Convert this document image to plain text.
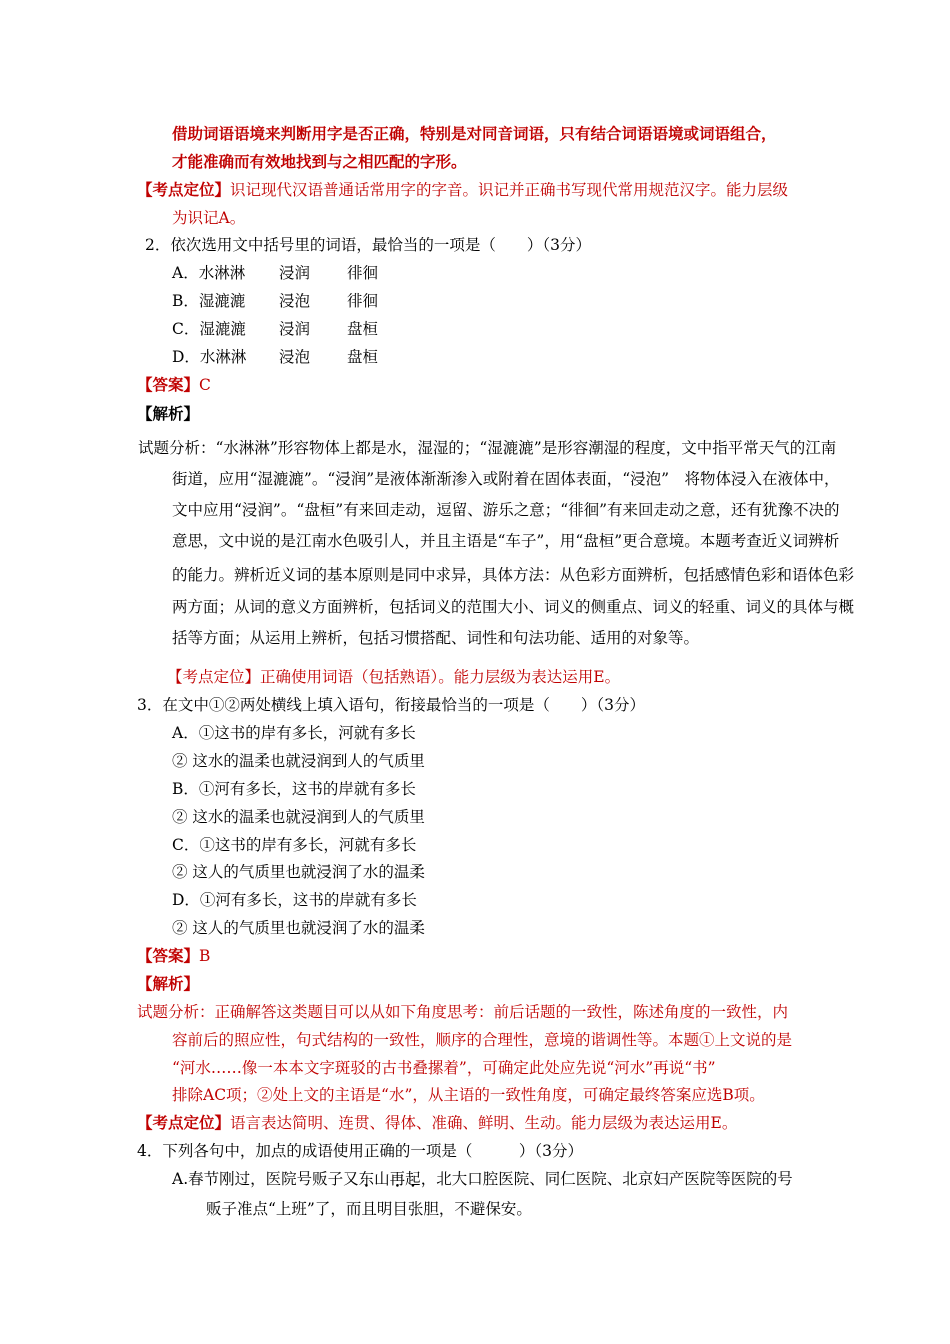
借助词语语境来判断用字是否正确，特别是对同音词语，只有结合词语语境或词语组合，
才能准确而有效地找到与之相匹配的字形。
【考点定位】识记现代汉语普通话常用字的字音。识记并正确书写现代常用规范汉字。能力层级
为识记A。
2．依次选用文中括号里的词语，最恰当的一项是（　　）（3分）
A．水淋淋 浸润 徘徊
B．湿漉漉 浸泡 徘徊
C．湿漉漉 浸润 盘桓
D．水淋淋 浸泡 盘桓
【答案】C
【解析】
试题分析：“水淋淋”形容物体上都是水，湿湿的；“湿漉漉”是形容潮湿的程度，文中指平常天气的江南
街道，应用“湿漉漉”。“浸润”是液体渐渐渗入或附着在固体表面，“浸泡”　将物体浸入在液体中，
文中应用“浸润”。“盘桓”有来回走动，逗留、游乐之意；“徘徊”有来回走动之意，还有犹豫不决的
意思，文中说的是江南水色吸引人，并且主语是“车子”，用“盘桓”更合意境。本题考查近义词辨析
的能力。辨析近义词的基本原则是同中求异，具体方法：从色彩方面辨析，包括感情色彩和语体色彩
两方面；从词的意义方面辨析，包括词义的范围大小、词义的侧重点、词义的轻重、词义的具体与概
括等方面；从运用上辨析，包括习惯搭配、词性和句法功能、适用的对象等。
【考点定位】正确使用词语（包括熟语）。能力层级为表达运用E。
3．在文中①②两处横线上填入语句，衔接最恰当的一项是（　　）（3分）
A．①这书的岸有多长，河就有多长
② 这水的温柔也就浸润到人的气质里
B．①河有多长，这书的岸就有多长
② 这水的温柔也就浸润到人的气质里
C．①这书的岸有多长，河就有多长
② 这人的气质里也就浸润了水的温柔
D．①河有多长，这书的岸就有多长
② 这人的气质里也就浸润了水的温柔
【答案】B
【解析】
试题分析：正确解答这类题目可以从如下角度思考：前后话题的一致性，陈述角度的一致性，内
容前后的照应性，句式结构的一致性，顺序的合理性，意境的谐调性等。本题①上文说的是
“河水……像一本本文字斑驳的古书叠摞着”，可确定此处应先说“河水”再说“书”
排除AC项；②处上文的主语是“水”，从主语的一致性角度，可确定最终答案应选B项。
【考点定位】语言表达简明、连贯、得体、准确、鲜明、生动。能力层级为表达运用E。
4．下列各句中，加点的成语使用正确的一项是（　　　）（3分）
A.春节刚过，医院号贩子又东山再起，北大口腔医院、同仁医院、北京妇产医院等医院的号
贩子准点“上班”了，而且明目张胆，不避保安。
